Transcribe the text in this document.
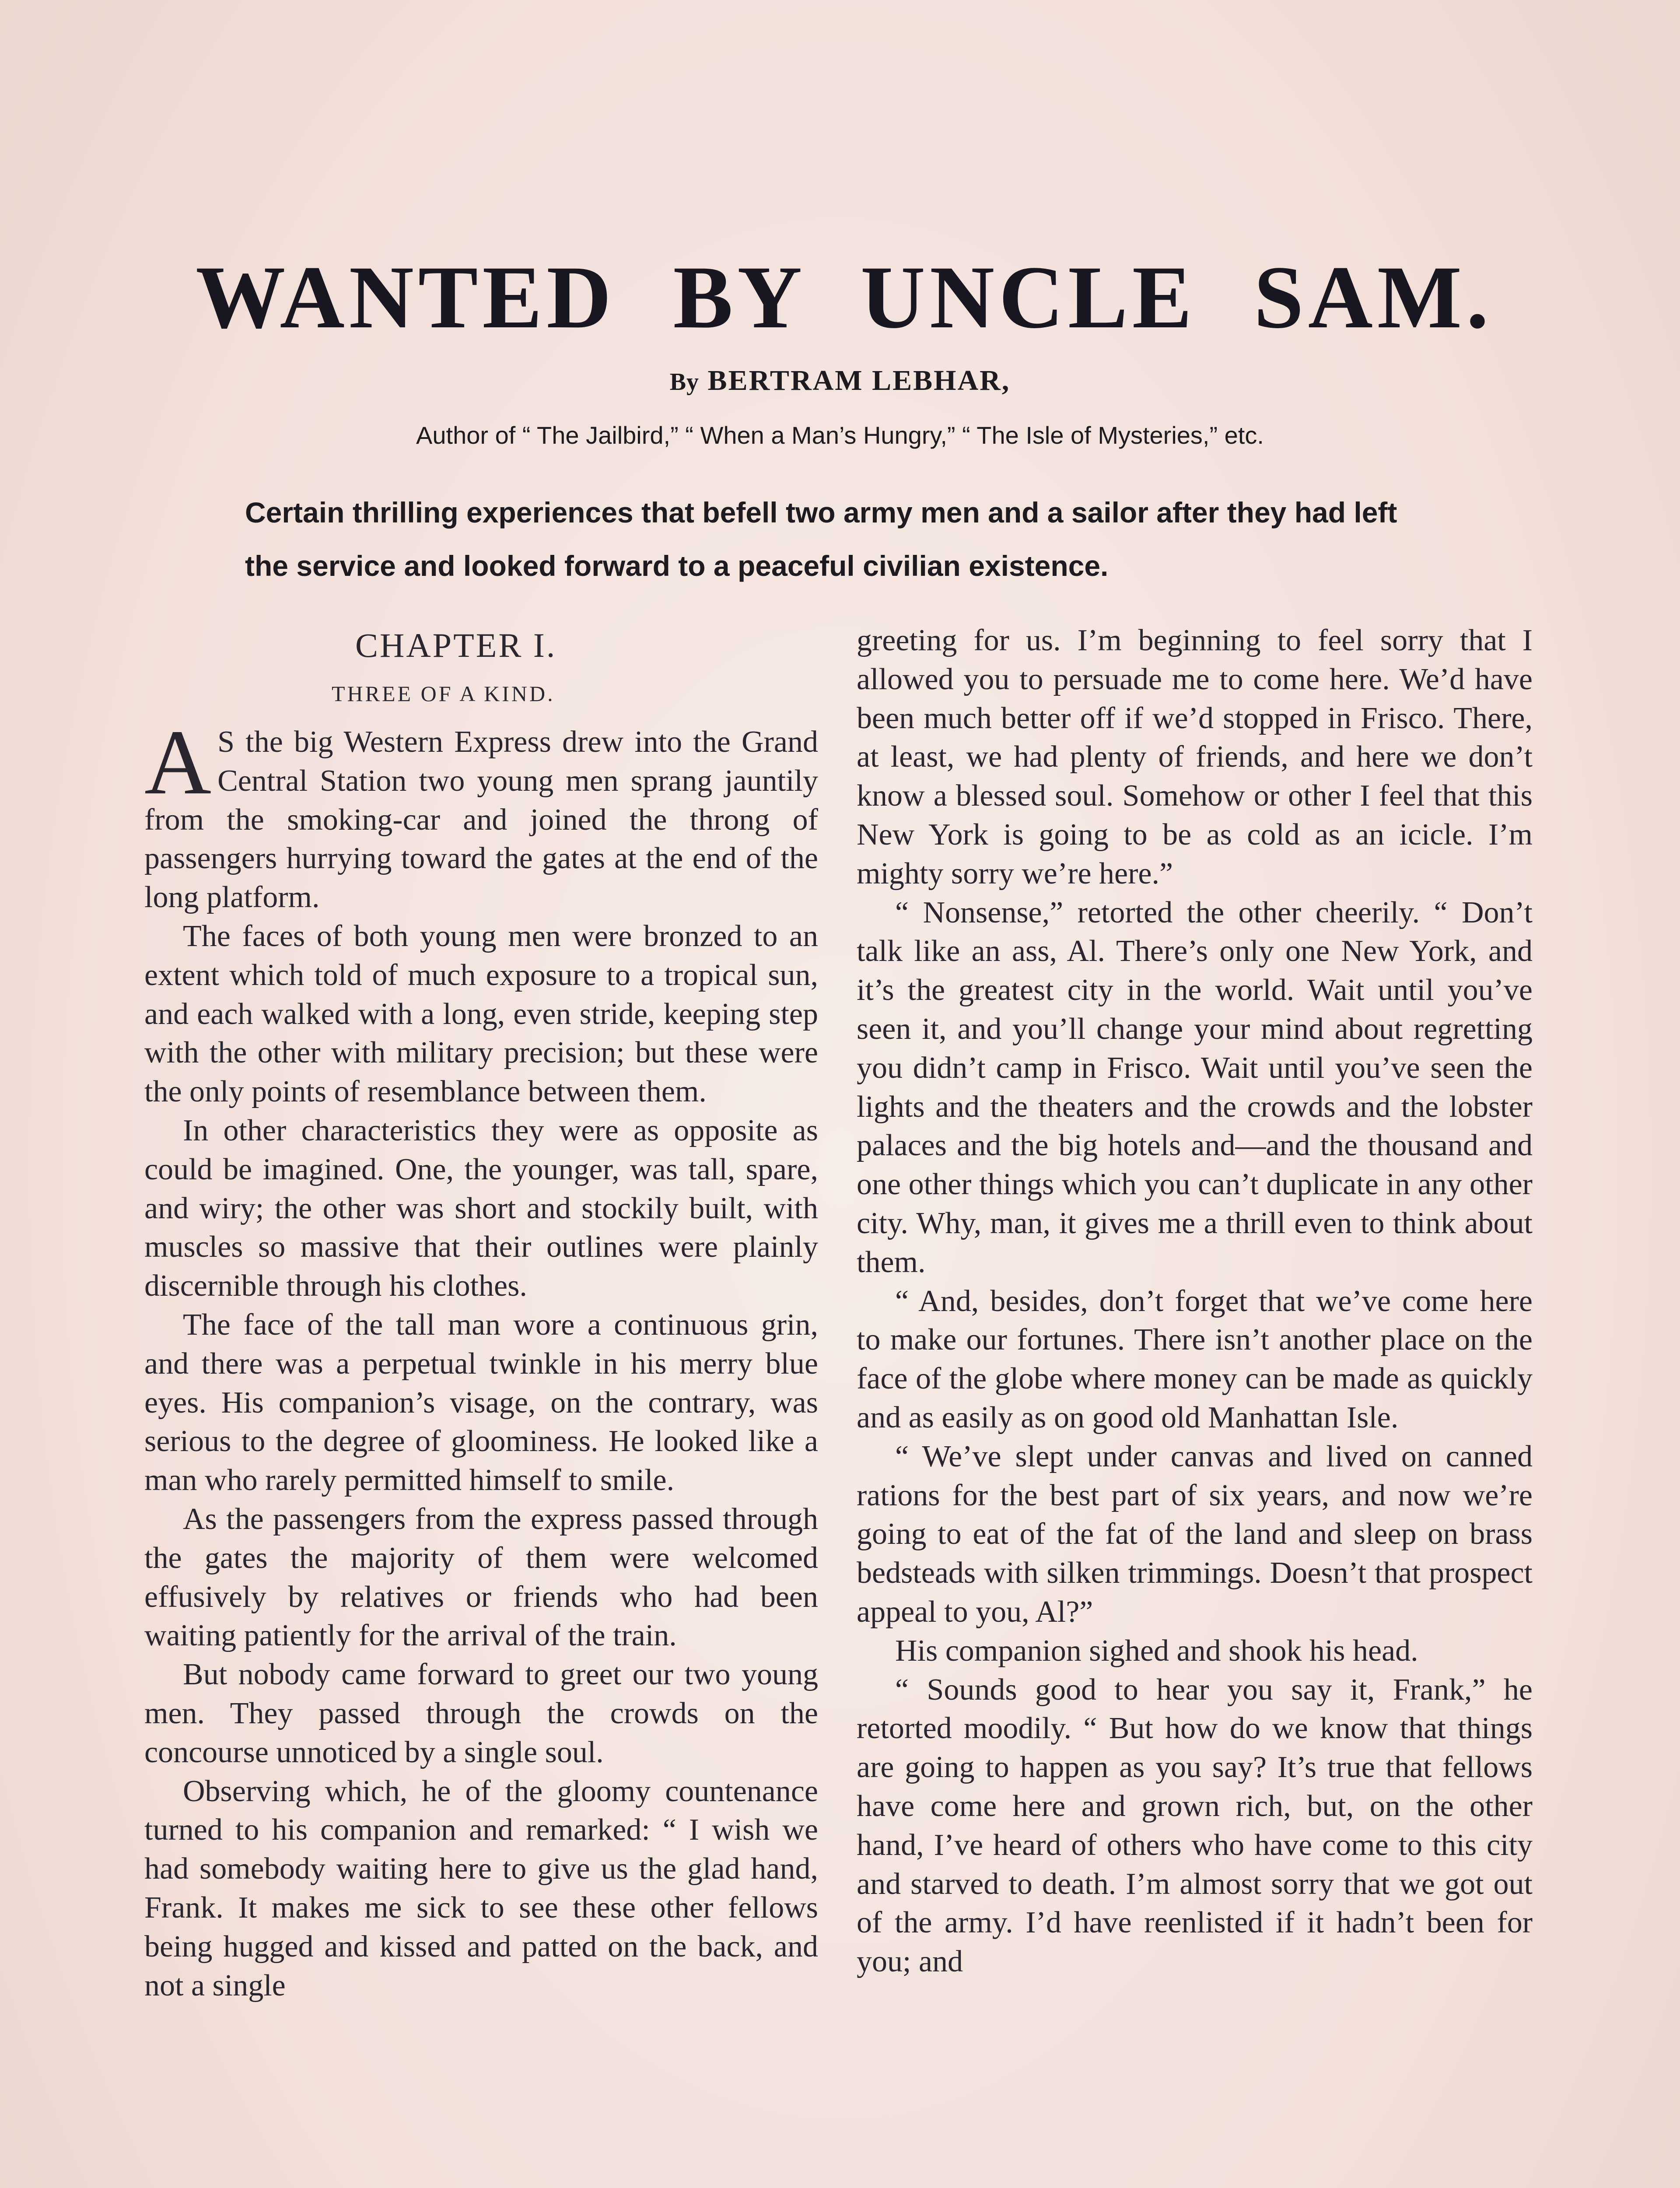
WANTED BY UNCLE SAM.
By BERTRAM LEBHAR,
Author of “ The Jailbird,” “ When a Man’s Hungry,” “ The Isle of Mysteries,” etc.
Certain thrilling experiences that befell two army men and a sailor after they had left the service and looked forward to a peaceful civilian existence.
CHAPTER I.
THREE OF A KIND.

A S the big Western Express drew into the Grand Central Station two young men sprang jauntily from the smoking-car and joined the throng of passengers hurrying toward the gates at the end of the long platform.

The faces of both young men were bronzed to an extent which told of much exposure to a tropical sun, and each walked with a long, even stride, keeping step with the other with military precision; but these were the only points of resemblance between them.

In other characteristics they were as opposite as could be imagined. One, the younger, was tall, spare, and wiry; the other was short and stockily built, with muscles so massive that their outlines were plainly discernible through his clothes.

The face of the tall man wore a continuous grin, and there was a perpetual twinkle in his merry blue eyes. His companion’s visage, on the contrary, was serious to the degree of gloominess. He looked like a man who rarely permitted himself to smile.

As the passengers from the express passed through the gates the majority of them were welcomed effusively by relatives or friends who had been waiting patiently for the arrival of the train.

But nobody came forward to greet our two young men. They passed through the crowds on the concourse unnoticed by a single soul.

Observing which, he of the gloomy countenance turned to his companion and remarked: “ I wish we had somebody waiting here to give us the glad hand, Frank. It makes me sick to see these other fellows being hugged and kissed and patted on the back, and not a single

greeting for us. I’m beginning to feel sorry that I allowed you to persuade me to come here. We’d have been much better off if we’d stopped in Frisco. There, at least, we had plenty of friends, and here we don’t know a blessed soul. Somehow or other I feel that this New York is going to be as cold as an icicle. I’m mighty sorry we’re here.”

“ Nonsense,” retorted the other cheerily. “ Don’t talk like an ass, Al. There’s only one New York, and it’s the greatest city in the world. Wait until you’ve seen it, and you’ll change your mind about regretting you didn’t camp in Frisco. Wait until you’ve seen the lights and the theaters and the crowds and the lobster palaces and the big hotels and—and the thousand and one other things which you can’t duplicate in any other city. Why, man, it gives me a thrill even to think about them.

“ And, besides, don’t forget that we’ve come here to make our fortunes. There isn’t another place on the face of the globe where money can be made as quickly and as easily as on good old Manhattan Isle.

“ We’ve slept under canvas and lived on canned rations for the best part of six years, and now we’re going to eat of the fat of the land and sleep on brass bedsteads with silken trimmings. Doesn’t that prospect appeal to you, Al?”

His companion sighed and shook his head.

“ Sounds good to hear you say it, Frank,” he retorted moodily. “ But how do we know that things are going to happen as you say? It’s true that fellows have come here and grown rich, but, on the other hand, I’ve heard of others who have come to this city and starved to death. I’m almost sorry that we got out of the army. I’d have reenlisted if it hadn’t been for you; and
